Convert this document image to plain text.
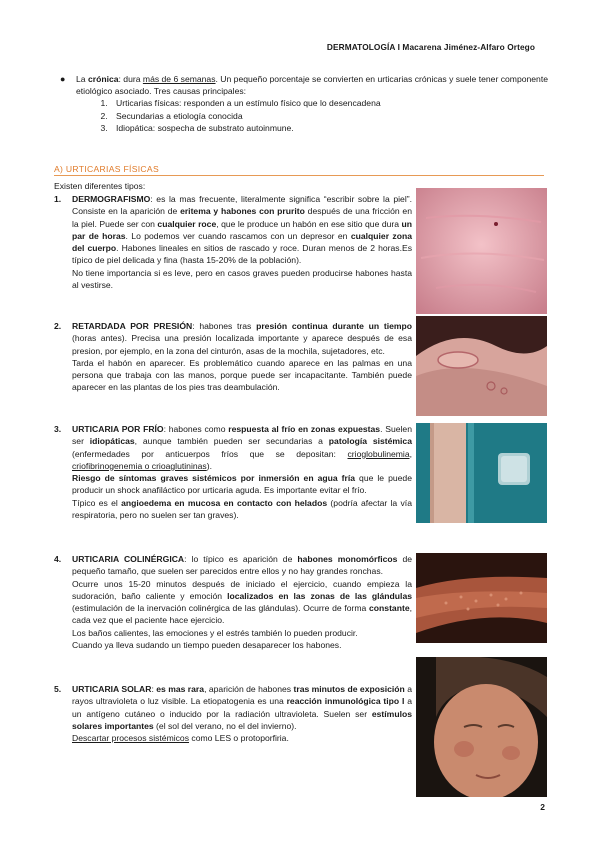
DERMATOLOGÍA I Macarena Jiménez-Alfaro Ortego
● La crónica: dura más de 6 semanas. Un pequeño porcentaje se convierten en urticarias crónicas y suele tener componente etiológico asociado. Tres causas principales:
1. Urticarias físicas: responden a un estímulo físico que lo desencadena
2. Secundarias a etiología conocida
3. Idiopática: sospecha de substrato autoinmune.
A) URTICARIAS FÍSICAS
Existen diferentes tipos:
1. DERMOGRAFISMO: es la mas frecuente, literalmente significa “escribir sobre la piel”. Consiste en la aparición de eritema y habones con prurito después de una fricción en la piel. Puede ser con cualquier roce, que le produce un habón en ese sitio que dura un par de horas. Lo podemos ver cuando rascamos con un depresor en cualquier zona del cuerpo. Habones lineales en sitios de rascado y roce. Duran menos de 2 horas.Es típico de piel delicada y fina (hasta 15-20% de la población).

No tiene importancia si es leve, pero en casos graves pueden producirse habones hasta al vestirse.

2. RETARDADA POR PRESIÓN: habones tras presión continua durante un tiempo (horas antes). Precisa una presión localizada importante y aparece después de esa presion, por ejemplo, en la zona del cinturón, asas de la mochila, sujetadores, etc.

Tarda el habón en aparecer. Es problemático cuando aparece en las palmas en una persona que trabaja con las manos, porque puede ser incapacitante. También puede aparecer en las plantas de los pies tras deambulación.

3. URTICARIA POR FRÍO: habones como respuesta al frío en zonas expuestas. Suelen ser idiopáticas, aunque también pueden ser secundarias a patología sistémica (enfermedades por anticuerpos fríos que se depositan: crioglobulinemia, criofibrinogenemia o crioaglutininas).

Riesgo de síntomas graves sistémicos por inmersión en agua fría que le puede producir un shock anafiláctico por urticaria aguda. Es importante evitar el frío.

Típico es el angioedema en mucosa en contacto con helados (podría afectar la vía respiratoria, pero no suelen ser tan graves).

4. URTICARIA COLINÉRGICA: lo típico es aparición de habones monomórficos de pequeño tamaño, que suelen ser parecidos entre ellos y no hay grandes ronchas.

Ocurre unos 15-20 minutos después de iniciado el ejercicio, cuando empieza la sudoración, baño caliente y emoción localizados en las zonas de las glándulas (estimulación de la inervación colinérgica de las glándulas). Ocurre de forma constante, cada vez que el paciente hace ejercicio.

Los baños calientes, las emociones y el estrés también lo pueden producir.

Cuando ya lleva sudando un tiempo pueden desaparecer los habones.

5. URTICARIA SOLAR: es mas rara, aparición de habones tras minutos de exposición a rayos ultravioleta o luz visible. La etiopatogenia es una reacción inmunológica tipo I a un antígeno cutáneo o inducido por la radiación ultravioleta. Suelen ser estímulos solares importantes (el sol del verano, no el del invierno).

Descartar procesos sistémicos como LES o protoporfiria.

2
